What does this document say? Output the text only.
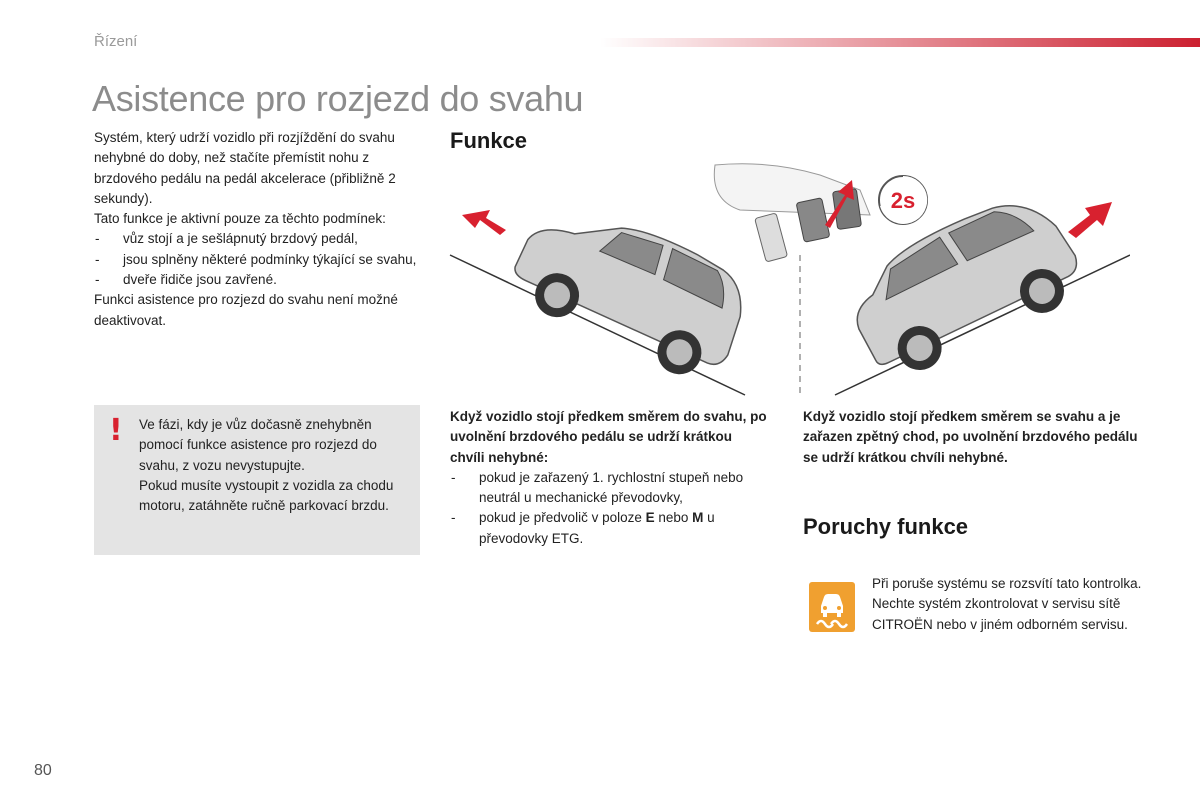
Řízení
Asistence pro rozjezd do svahu

Systém, který udrží vozidlo při rozjíždění do svahu nehybné do doby, než stačíte přemístit nohu z brzdového pedálu na pedál akcelerace (přibližně 2 sekundy).

Tato funkce je aktivní pouze za těchto podmínek:

- vůz stojí a je sešlápnutý brzdový pedál,
- jsou splněny některé podmínky týkající se svahu,
- dveře řidiče jsou zavřené.

Funkci asistence pro rozjezd do svahu není možné deaktivovat.

! Ve fázi, kdy je vůz dočasně znehybněn pomocí funkce asistence pro rozjezd do svahu, z vozu nevystupujte.

Pokud musíte vystoupit z vozidla za chodu motoru, zatáhněte ručně parkovací brzdu.

Funkce
2s

Když vozidlo stojí předkem směrem do svahu, po uvolnění brzdového pedálu se udrží krátkou chvíli nehybné:

- pokud je zařazený 1. rychlostní stupeň nebo neutrál u mechanické převodovky,
- pokud je předvolič v poloze E nebo M u převodovky ETG.
Když vozidlo stojí předkem směrem se svahu a je zařazen zpětný chod, po uvolnění brzdového pedálu se udrží krátkou chvíli nehybné.
Poruchy funkce
Při poruše systému se rozsvítí tato kontrolka. Nechte systém zkontrolovat v servisu sítě CITROËN nebo v jiném odborném servisu.
80
